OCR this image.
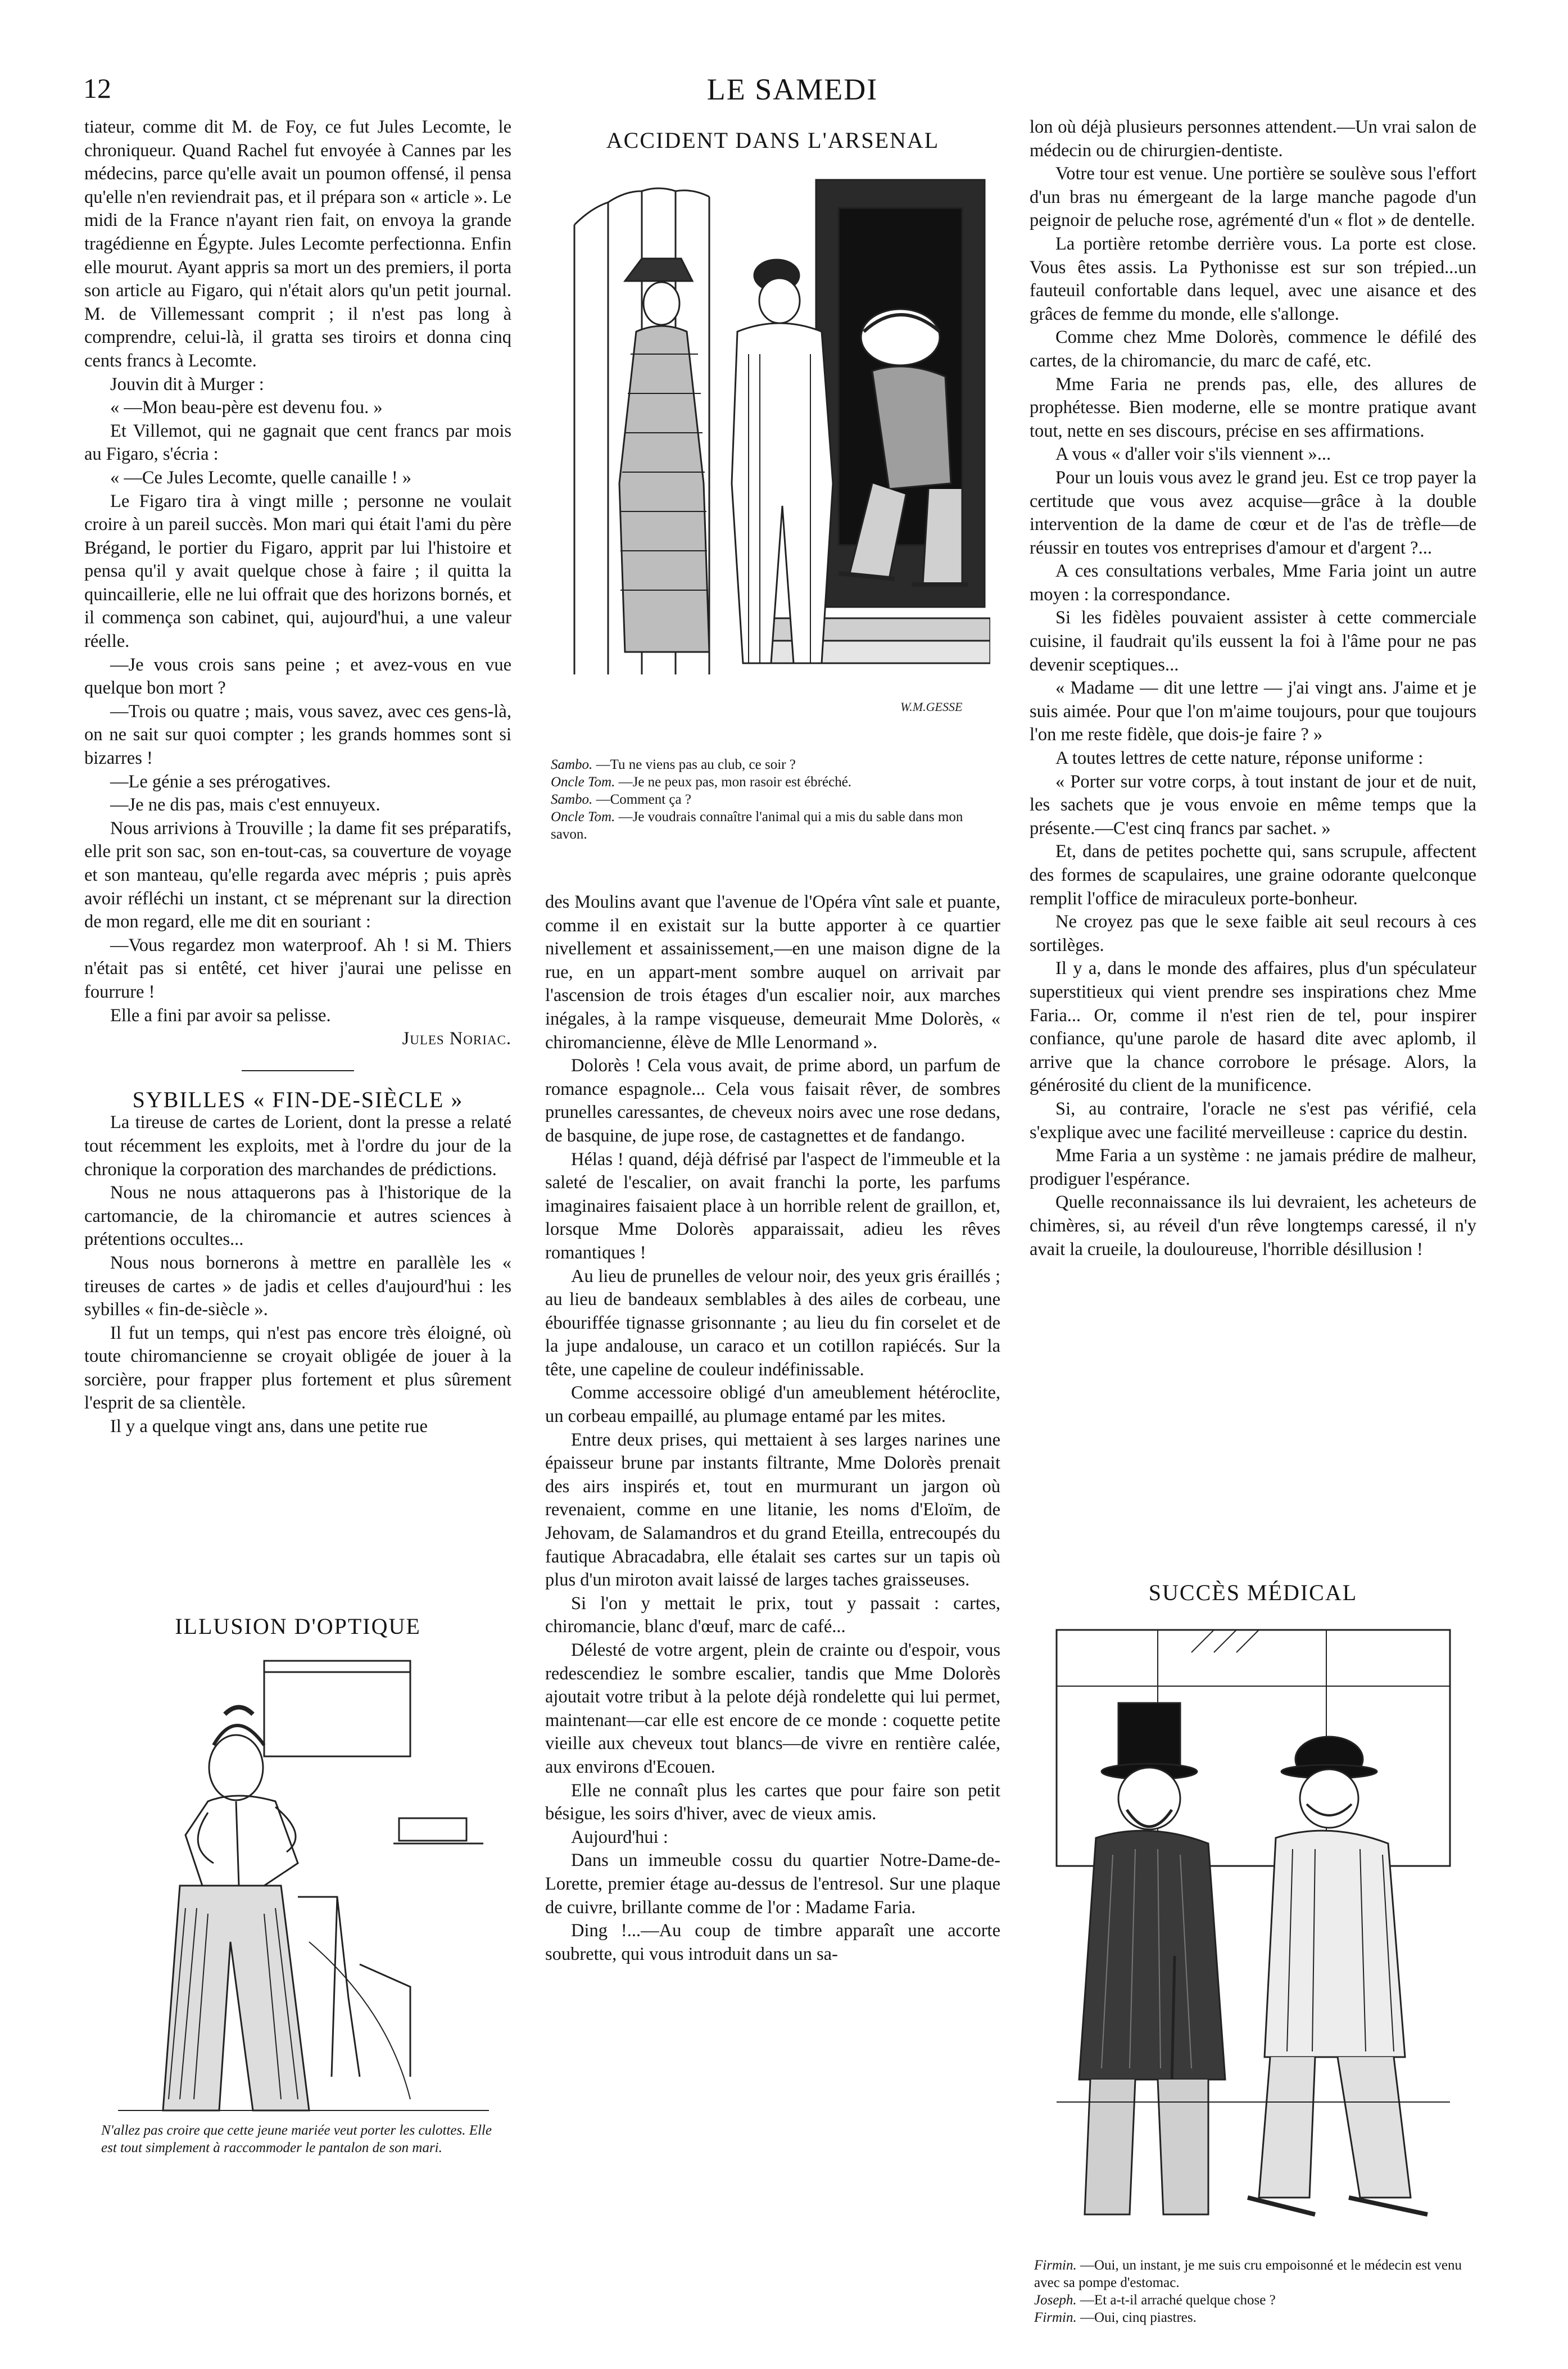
12	LE SAMEDI

tiateur, comme dit M. de Foy, ce fut Jules Lecomte, le chroniqueur. Quand Rachel fut envoyée à Cannes par les médecins, parce qu'elle avait un poumon offensé, il pensa qu'elle n'en reviendrait pas, et il prépara son « article ». Le midi de la France n'ayant rien fait, on envoya la grande tragédienne en Égypte. Jules Lecomte perfectionna. Enfin elle mourut. Ayant appris sa mort un des premiers, il porta son article au Figaro, qui n'était alors qu'un petit journal. M. de Villemessant comprit ; il n'est pas long à comprendre, celui-là, il gratta ses tiroirs et donna cinq cents francs à Lecomte.

Jouvin dit à Murger :

« —Mon beau-père est devenu fou. »

Et Villemot, qui ne gagnait que cent francs par mois au Figaro, s'écria :

« —Ce Jules Lecomte, quelle canaille ! »

Le Figaro tira à vingt mille ; personne ne voulait croire à un pareil succès. Mon mari qui était l'ami du père Brégand, le portier du Figaro, apprit par lui l'histoire et pensa qu'il y avait quelque chose à faire ; il quitta la quincaillerie, elle ne lui offrait que des horizons bornés, et il commença son cabinet, qui, aujourd'hui, a une valeur réelle.

—Je vous crois sans peine ; et avez-vous en vue quelque bon mort ?

—Trois ou quatre ; mais, vous savez, avec ces gens-là, on ne sait sur quoi compter ; les grands hommes sont si bizarres !

—Le génie a ses prérogatives.

—Je ne dis pas, mais c'est ennuyeux.

Nous arrivions à Trouville ; la dame fit ses préparatifs, elle prit son sac, son en-tout-cas, sa couverture de voyage et son manteau, qu'elle regarda avec mépris ; puis après avoir réfléchi un instant, ct se méprenant sur la direction de mon regard, elle me dit en souriant :

—Vous regardez mon waterproof. Ah ! si M. Thiers n'était pas si entêté, cet hiver j'aurai une pelisse en fourrure !

Elle a fini par avoir sa pelisse.

Jules Noriac.

SYBILLES « FIN-DE-SIÈCLE »

La tireuse de cartes de Lorient, dont la presse a relaté tout récemment les exploits, met à l'ordre du jour de la chronique la corporation des marchandes de prédictions.

Nous ne nous attaquerons pas à l'historique de la cartomancie, de la chiromancie et autres sciences à prétentions occultes...

Nous nous bornerons à mettre en parallèle les « tireuses de cartes » de jadis et celles d'aujourd'hui : les sybilles « fin-de-siècle ».

Il fut un temps, qui n'est pas encore très éloigné, où toute chiromancienne se croyait obligée de jouer à la sorcière, pour frapper plus fortement et plus sûrement l'esprit de sa clientèle.

Il y a quelque vingt ans, dans une petite rue

ILLUSION D'OPTIQUE
N'allez pas croire que cette jeune mariée veut porter les culottes. Elle est tout simplement à raccommoder le pantalon de son mari.
ACCIDENT DANS L'ARSENAL
W.M.GESSE

Sambo. —Tu ne viens pas au club, ce soir ?

Oncle Tom. —Je ne peux pas, mon rasoir est ébréché.

Sambo. —Comment ça ?

Oncle Tom. —Je voudrais connaître l'animal qui a mis du sable dans mon savon.

des Moulins avant que l'avenue de l'Opéra vînt sale et puante, comme il en existait sur la butte apporter à ce quartier nivellement et assainissement,—en une maison digne de la rue, en un appart-ment sombre auquel on arrivait par l'ascension de trois étages d'un escalier noir, aux marches inégales, à la rampe visqueuse, demeurait Mme Dolorès, « chiromancienne, élève de Mlle Lenormand ».

Dolorès ! Cela vous avait, de prime abord, un parfum de romance espagnole... Cela vous faisait rêver, de sombres prunelles caressantes, de cheveux noirs avec une rose dedans, de basquine, de jupe rose, de castagnettes et de fandango.

Hélas ! quand, déjà défrisé par l'aspect de l'immeuble et la saleté de l'escalier, on avait franchi la porte, les parfums imaginaires faisaient place à un horrible relent de graillon, et, lorsque Mme Dolorès apparaissait, adieu les rêves romantiques !

Au lieu de prunelles de velour noir, des yeux gris éraillés ; au lieu de bandeaux semblables à des ailes de corbeau, une ébouriffée tignasse grisonnante ; au lieu du fin corselet et de la jupe andalouse, un caraco et un cotillon rapiécés. Sur la tête, une capeline de couleur indéfinissable.

Comme accessoire obligé d'un ameublement hétéroclite, un corbeau empaillé, au plumage entamé par les mites.

Entre deux prises, qui mettaient à ses larges narines une épaisseur brune par instants filtrante, Mme Dolorès prenait des airs inspirés et, tout en murmurant un jargon où revenaient, comme en une litanie, les noms d'Eloïm, de Jehovam, de Salamandros et du grand Eteilla, entrecoupés du fautique Abracadabra, elle étalait ses cartes sur un tapis où plus d'un miroton avait laissé de larges taches graisseuses.

Si l'on y mettait le prix, tout y passait : cartes, chiromancie, blanc d'œuf, marc de café...

Délesté de votre argent, plein de crainte ou d'espoir, vous redescendiez le sombre escalier, tandis que Mme Dolorès ajoutait votre tribut à la pelote déjà rondelette qui lui permet, maintenant—car elle est encore de ce monde : coquette petite vieille aux cheveux tout blancs—de vivre en rentière calée, aux environs d'Ecouen.

Elle ne connaît plus les cartes que pour faire son petit bésigue, les soirs d'hiver, avec de vieux amis.

Aujourd'hui :

Dans un immeuble cossu du quartier Notre-Dame-de-Lorette, premier étage au-dessus de l'entresol. Sur une plaque de cuivre, brillante comme de l'or : Madame Faria.

Ding !...—Au coup de timbre apparaît une accorte soubrette, qui vous introduit dans un sa-

lon où déjà plusieurs personnes attendent.—Un vrai salon de médecin ou de chirurgien-dentiste.

Votre tour est venue. Une portière se soulève sous l'effort d'un bras nu émergeant de la large manche pagode d'un peignoir de peluche rose, agrémenté d'un « flot » de dentelle.

La portière retombe derrière vous. La porte est close. Vous êtes assis. La Pythonisse est sur son trépied...un fauteuil confortable dans lequel, avec une aisance et des grâces de femme du monde, elle s'allonge.

Comme chez Mme Dolorès, commence le défilé des cartes, de la chiromancie, du marc de café, etc.

Mme Faria ne prends pas, elle, des allures de prophétesse. Bien moderne, elle se montre pratique avant tout, nette en ses discours, précise en ses affirmations.

A vous « d'aller voir s'ils viennent »...

Pour un louis vous avez le grand jeu. Est ce trop payer la certitude que vous avez acquise—grâce à la double intervention de la dame de cœur et de l'as de trèfle—de réussir en toutes vos entreprises d'amour et d'argent ?...

A ces consultations verbales, Mme Faria joint un autre moyen : la correspondance.

Si les fidèles pouvaient assister à cette commerciale cuisine, il faudrait qu'ils eussent la foi à l'âme pour ne pas devenir sceptiques...

« Madame — dit une lettre — j'ai vingt ans. J'aime et je suis aimée. Pour que l'on m'aime toujours, pour que toujours l'on me reste fidèle, que dois-je faire ? »

A toutes lettres de cette nature, réponse uniforme :

« Porter sur votre corps, à tout instant de jour et de nuit, les sachets que je vous envoie en même temps que la présente.—C'est cinq francs par sachet. »

Et, dans de petites pochette qui, sans scrupule, affectent des formes de scapulaires, une graine odorante quelconque remplit l'office de miraculeux porte-bonheur.

Ne croyez pas que le sexe faible ait seul recours à ces sortilèges.

Il y a, dans le monde des affaires, plus d'un spéculateur superstitieux qui vient prendre ses inspirations chez Mme Faria... Or, comme il n'est rien de tel, pour inspirer confiance, qu'une parole de hasard dite avec aplomb, il arrive que la chance corrobore le présage. Alors, la générosité du client de la munificence.

Si, au contraire, l'oracle ne s'est pas vérifié, cela s'explique avec une facilité merveilleuse : caprice du destin.

Mme Faria a un système : ne jamais prédire de malheur, prodiguer l'espérance.

Quelle reconnaissance ils lui devraient, les acheteurs de chimères, si, au réveil d'un rêve longtemps caressé, il n'y avait la crueile, la douloureuse, l'horrible désillusion !

SUCCÈS MÉDICAL

Firmin. —Oui, un instant, je me suis cru empoisonné et le médecin est venu avec sa pompe d'estomac.

Joseph. —Et a-t-il arraché quelque chose ?

Firmin. —Oui, cinq piastres.
